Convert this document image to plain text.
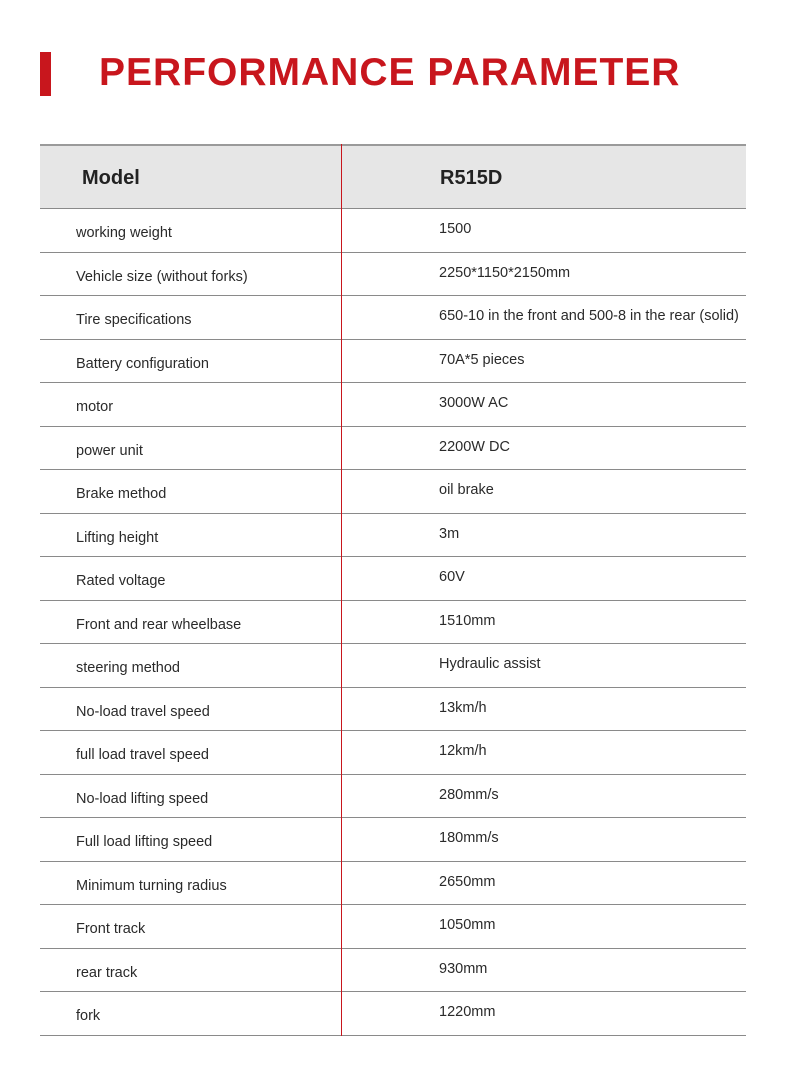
PERFORMANCE PARAMETER
Model	R515D
working weight	1500
Vehicle size (without forks)	2250*1150*2150mm
Tire specifications	650-10 in the front and 500-8 in the rear (solid)
Battery configuration	70A*5 pieces
motor	3000W AC
power unit	2200W DC
Brake method	oil brake
Lifting height	3m
Rated voltage	60V
Front and rear wheelbase	1510mm
steering method	Hydraulic assist
No-load travel speed	13km/h
full load travel speed	12km/h
No-load lifting speed	280mm/s
Full load lifting speed	180mm/s
Minimum turning radius	2650mm
Front track	1050mm
rear track	930mm
fork	1220mm
